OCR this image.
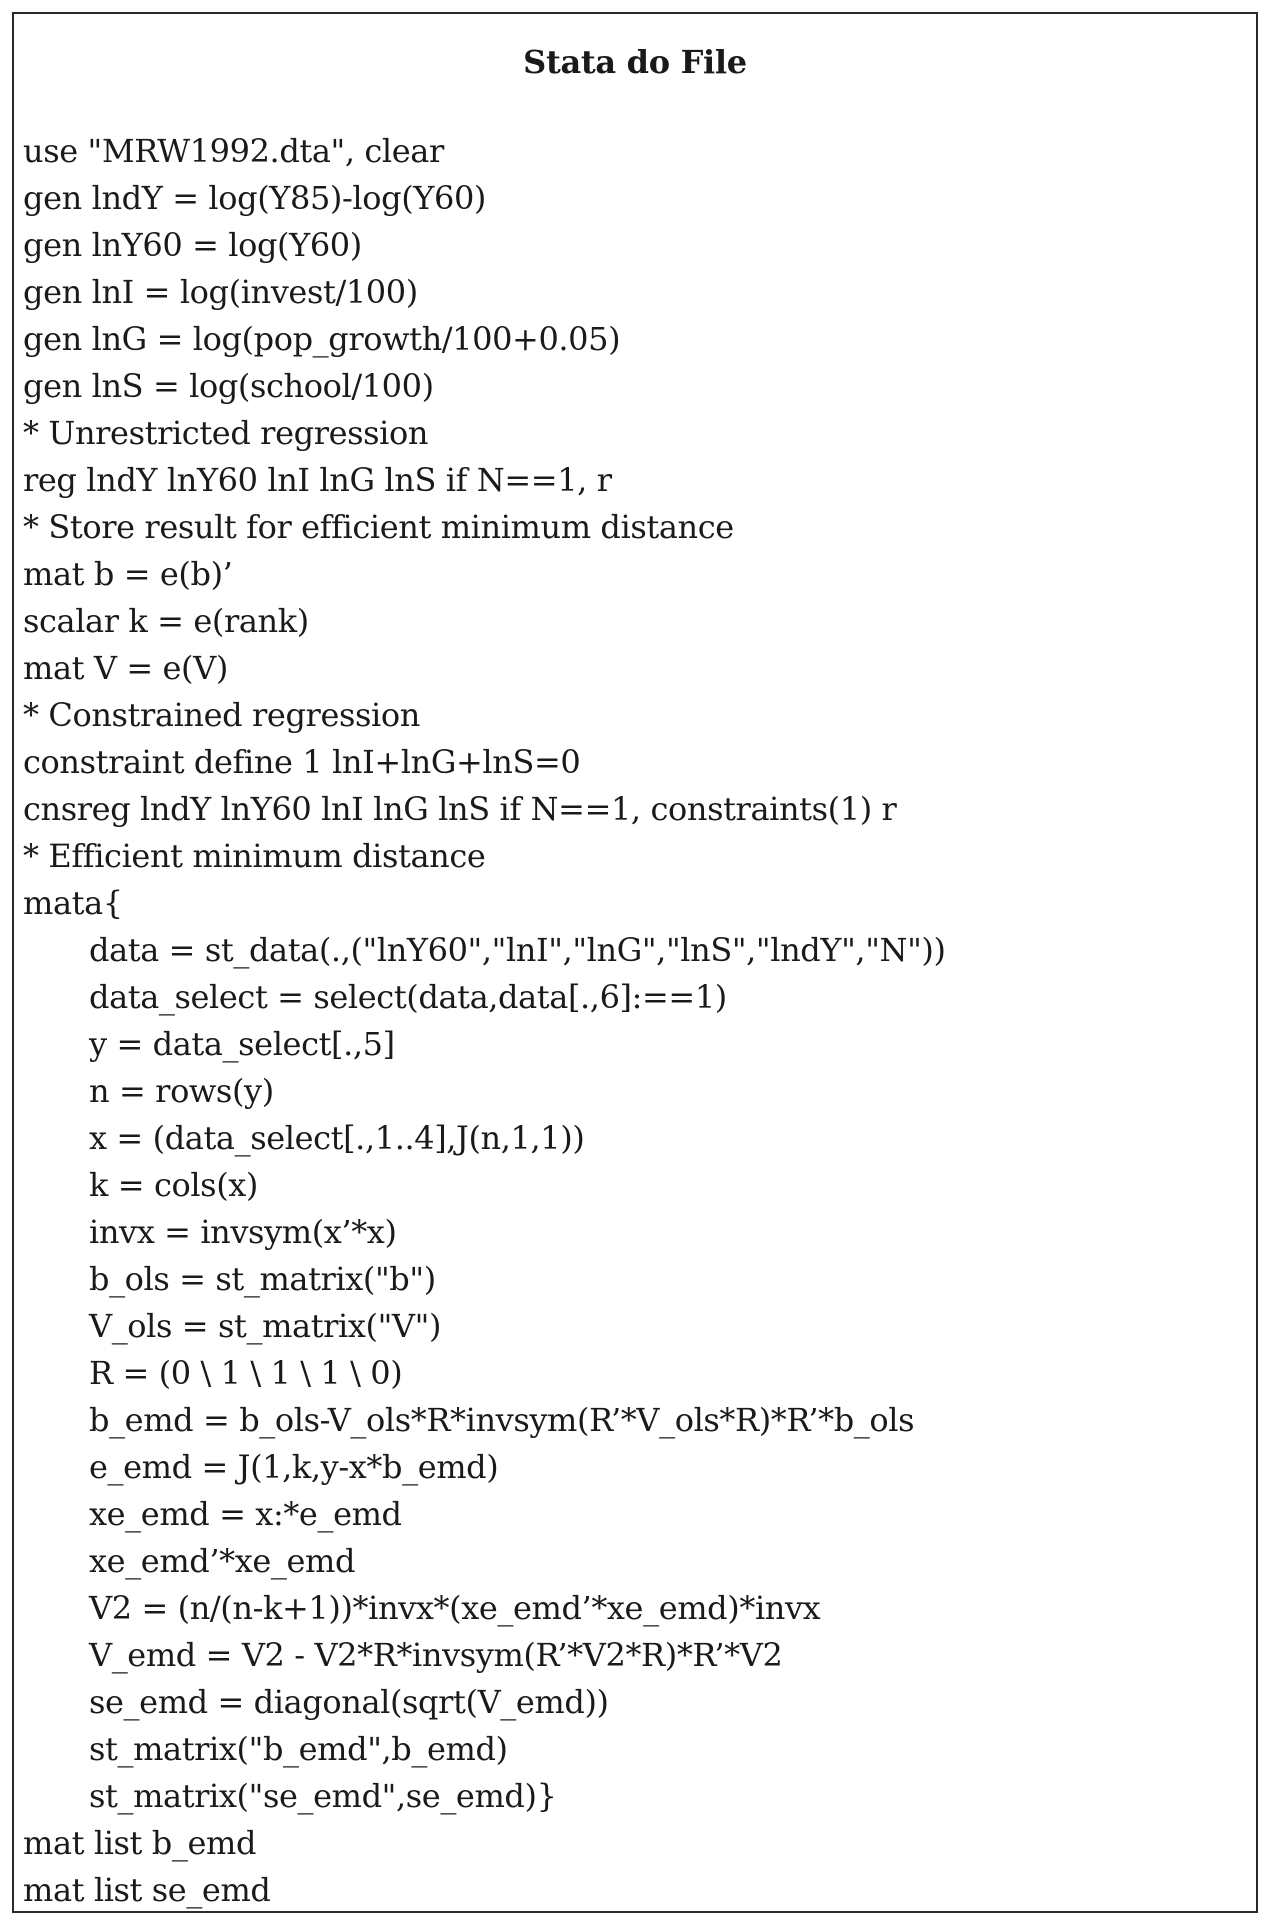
Stata do File
use "MRW1992.dta", clear
gen lndY = log(Y85)-log(Y60)
gen lnY60 = log(Y60)
gen lnI = log(invest/100)
gen lnG = log(pop_growth/100+0.05)
gen lnS = log(school/100)
* Unrestricted regression
reg lndY lnY60 lnI lnG lnS if N==1, r
* Store result for efficient minimum distance
mat b = e(b)’
scalar k = e(rank)
mat V = e(V)
* Constrained regression
constraint define 1 lnI+lnG+lnS=0
cnsreg lndY lnY60 lnI lnG lnS if N==1, constraints(1) r
* Efficient minimum distance
mata{
data = st_data(.,("lnY60","lnI","lnG","lnS","lndY","N"))
data_select = select(data,data[.,6]:==1)
y = data_select[.,5]
n = rows(y)
x = (data_select[.,1..4],J(n,1,1))
k = cols(x)
invx = invsym(x’*x)
b_ols = st_matrix("b")
V_ols = st_matrix("V")
R = (0 \ 1 \ 1 \ 1 \ 0)
b_emd = b_ols-V_ols*R*invsym(R’*V_ols*R)*R’*b_ols
e_emd = J(1,k,y-x*b_emd)
xe_emd = x:*e_emd
xe_emd’*xe_emd
V2 = (n/(n-k+1))*invx*(xe_emd’*xe_emd)*invx
V_emd = V2 - V2*R*invsym(R’*V2*R)*R’*V2
se_emd = diagonal(sqrt(V_emd))
st_matrix("b_emd",b_emd)
st_matrix("se_emd",se_emd)}
mat list b_emd
mat list se_emd
